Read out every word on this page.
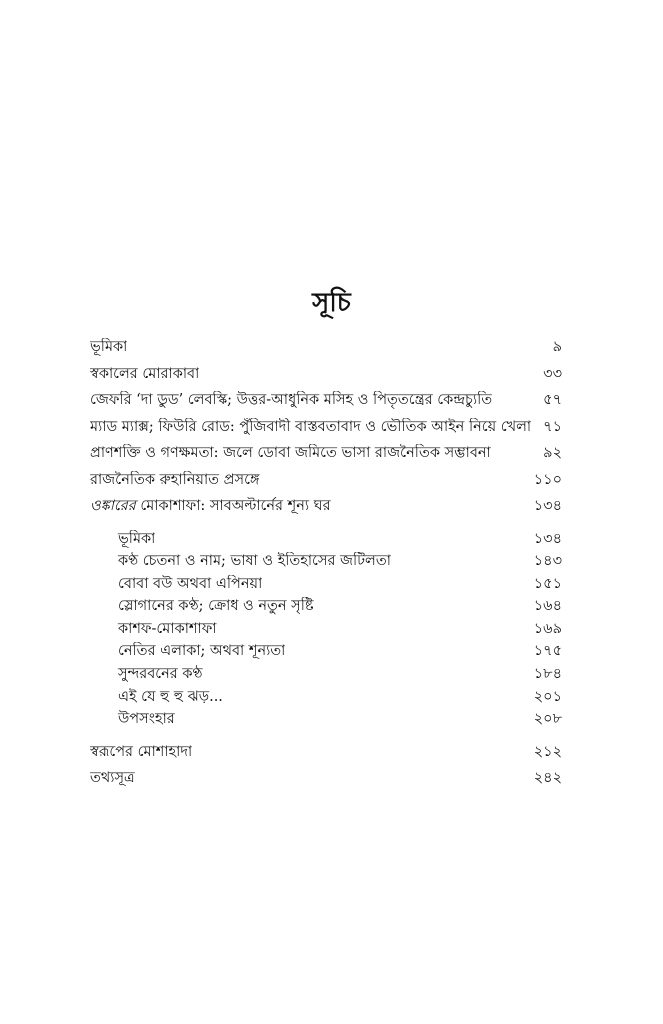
সূচি
ভূমিকা	৯
স্বকালের মোরাকাবা	৩৩
জেফরি ‘দা ডুড’ লেবস্কি; উত্তর-আধুনিক মসিহ ও পিতৃতন্ত্রের কেন্দ্রচ্যুতি	৫৭
ম্যাড ম্যাক্স; ফিউরি রোড: পুঁজিবাদী বাস্তবতাবাদ ও ভৌতিক আইন নিয়ে খেলা ৭১
প্রাণশক্তি ও গণক্ষমতা: জলে ডোবা জমিতে ভাসা রাজনৈতিক সম্ভাবনা	৯২
রাজনৈতিক রুহানিয়াত প্রসঙ্গে	১১০
ওঙ্কারের মোকাশাফা: সাবঅল্টার্নের শূন্য ঘর	১৩৪
ভূমিকা	১৩৪
কণ্ঠ চেতনা ও নাম; ভাষা ও ইতিহাসের জটিলতা	১৪৩
বোবা বউ অথবা এপিনয়া	১৫১
স্লোগানের কণ্ঠ; ক্রোধ ও নতুন সৃষ্টি	১৬৪
কাশফ-মোকাশাফা	১৬৯
নেতির এলাকা; অথবা শূন্যতা	১৭৫
সুন্দরবনের কণ্ঠ	১৮৪
এই যে হু হু ঝড়...	২০১
উপসংহার	২০৮
স্বরূপের মোশাহাদা	২১২
তথ্যসূত্র	২৪২
